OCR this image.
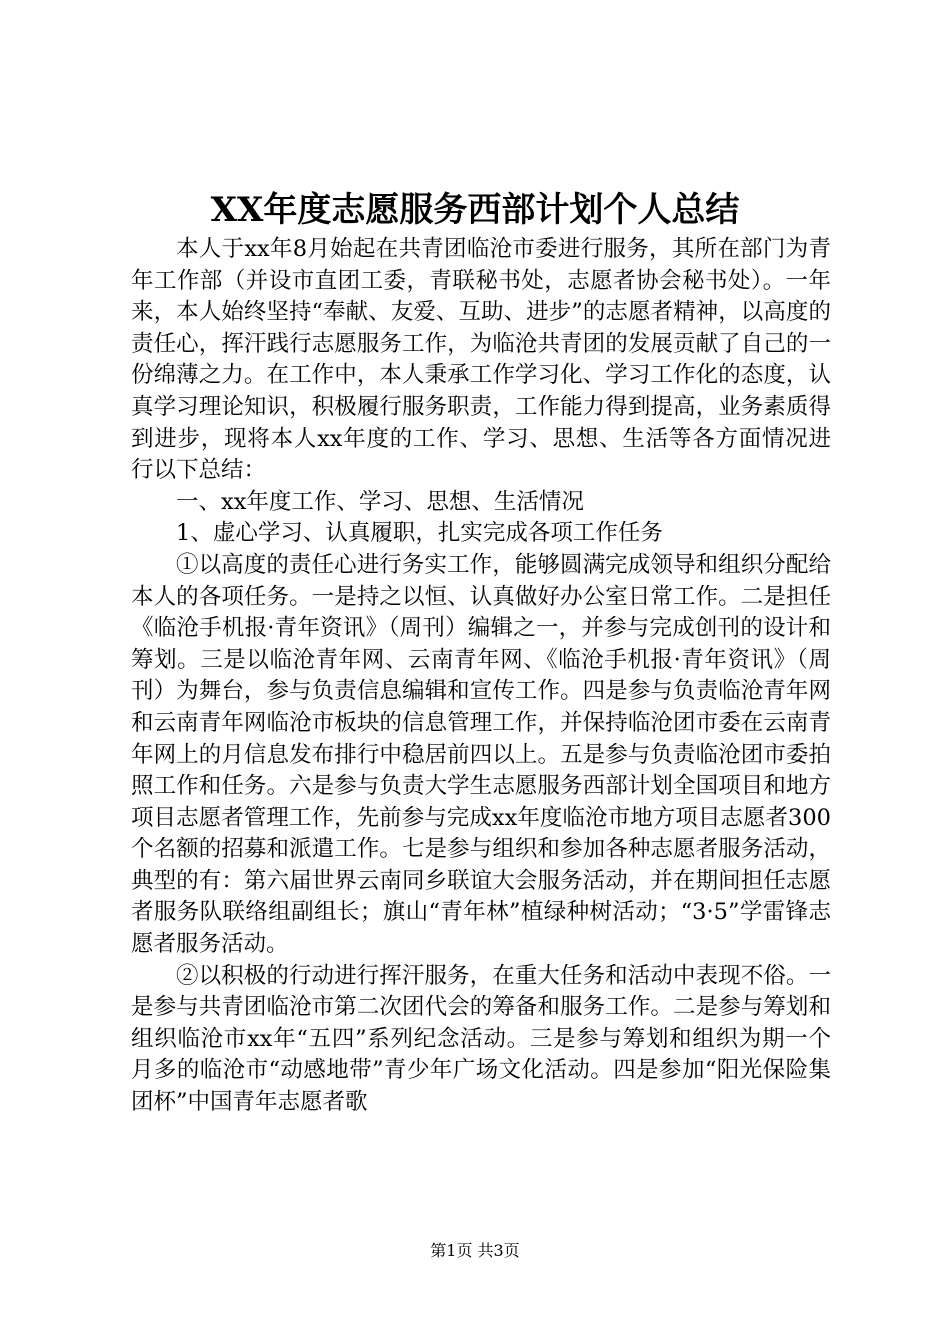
XX年度志愿服务西部计划个人总结

本人于xx年8月始起在共青团临沧市委进行服务，其所在部门为青年工作部（并设市直团工委，青联秘书处，志愿者协会秘书处）。一年来，本人始终坚持“奉献、友爱、互助、进步”的志愿者精神，以高度的责任心，挥汗践行志愿服务工作，为临沧共青团的发展贡献了自己的一份绵薄之力。在工作中，本人秉承工作学习化、学习工作化的态度，认真学习理论知识，积极履行服务职责，工作能力得到提高，业务素质得到进步，现将本人xx年度的工作、学习、思想、生活等各方面情况进行以下总结：

一、xx年度工作、学习、思想、生活情况

1、虚心学习、认真履职，扎实完成各项工作任务

①以高度的责任心进行务实工作，能够圆满完成领导和组织分配给本人的各项任务。一是持之以恒、认真做好办公室日常工作。二是担任《临沧手机报·青年资讯》（周刊）编辑之一，并参与完成创刊的设计和筹划。三是以临沧青年网、云南青年网、《临沧手机报·青年资讯》（周刊）为舞台，参与负责信息编辑和宣传工作。四是参与负责临沧青年网和云南青年网临沧市板块的信息管理工作，并保持临沧团市委在云南青年网上的月信息发布排行中稳居前四以上。五是参与负责临沧团市委拍照工作和任务。六是参与负责大学生志愿服务西部计划全国项目和地方项目志愿者管理工作，先前参与完成xx年度临沧市地方项目志愿者300个名额的招募和派遣工作。七是参与组织和参加各种志愿者服务活动，典型的有：第六届世界云南同乡联谊大会服务活动，并在期间担任志愿者服务队联络组副组长；旗山“青年林”植绿种树活动；“3·5”学雷锋志愿者服务活动。

②以积极的行动进行挥汗服务，在重大任务和活动中表现不俗。一是参与共青团临沧市第二次团代会的筹备和服务工作。二是参与筹划和组织临沧市xx年“五四”系列纪念活动。三是参与筹划和组织为期一个月多的临沧市“动感地带”青少年广场文化活动。四是参加“阳光保险集团杯”中国青年志愿者歌

第1页 共3页
